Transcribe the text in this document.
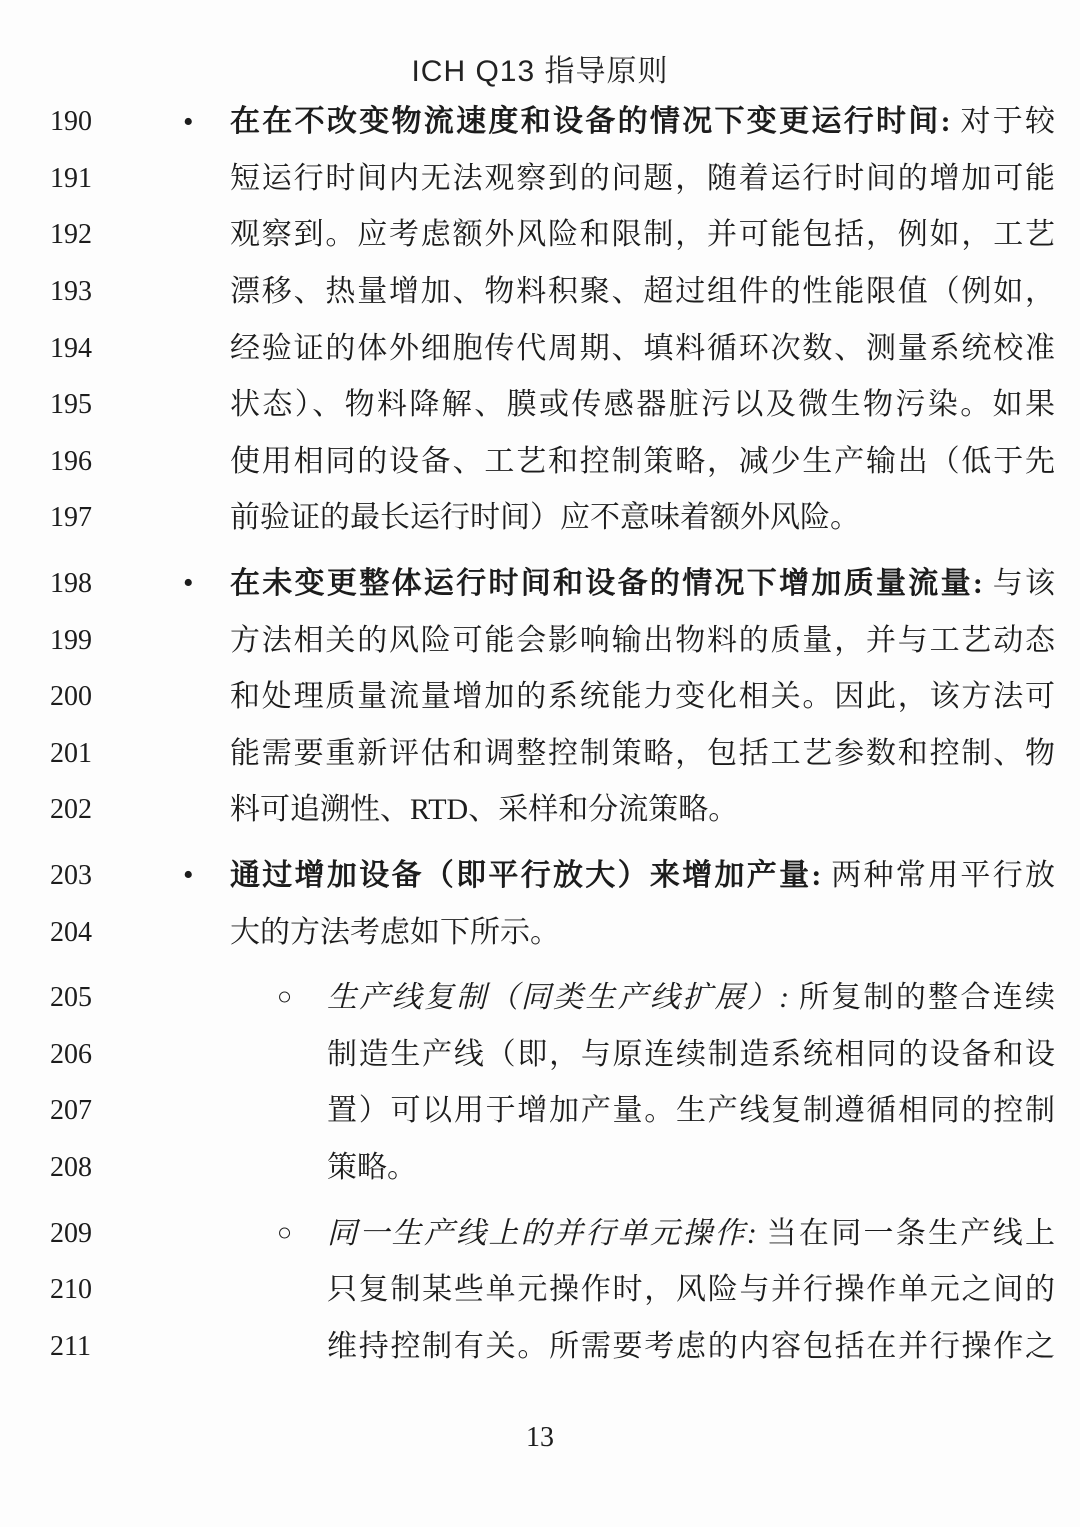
ICH Q13 指导原则
190	• 在在不改变物流速度和设备的情况下变更运行时间: 对于较
191	短运行时间内无法观察到的问题，随着运行时间的增加可能
192	观察到。应考虑额外风险和限制，并可能包括，例如，工艺
193	漂移、热量增加、物料积聚、超过组件的性能限值（例如，
194	经验证的体外细胞传代周期、填料循环次数、测量系统校准
195	状态）、物料降解、膜或传感器脏污以及微生物污染。如果
196	使用相同的设备、工艺和控制策略，减少生产输出（低于先
197	前验证的最长运行时间）应不意味着额外风险。
198	• 在未变更整体运行时间和设备的情况下增加质量流量: 与该
199	方法相关的风险可能会影响输出物料的质量，并与工艺动态
200	和处理质量流量增加的系统能力变化相关。因此，该方法可
201	能需要重新评估和调整控制策略，包括工艺参数和控制、物
202	料可追溯性、RTD、采样和分流策略。
203	• 通过增加设备（即平行放大）来增加产量: 两种常用平行放
204	大的方法考虑如下所示。
205	○ 生产线复制（同类生产线扩展）: 所复制的整合连续
206	制造生产线（即，与原连续制造系统相同的设备和设
207	置）可以用于增加产量。生产线复制遵循相同的控制
208	策略。
209	○ 同一生产线上的并行单元操作: 当在同一条生产线上
210	只复制某些单元操作时，风险与并行操作单元之间的
211	维持控制有关。所需要考虑的内容包括在并行操作之
13
